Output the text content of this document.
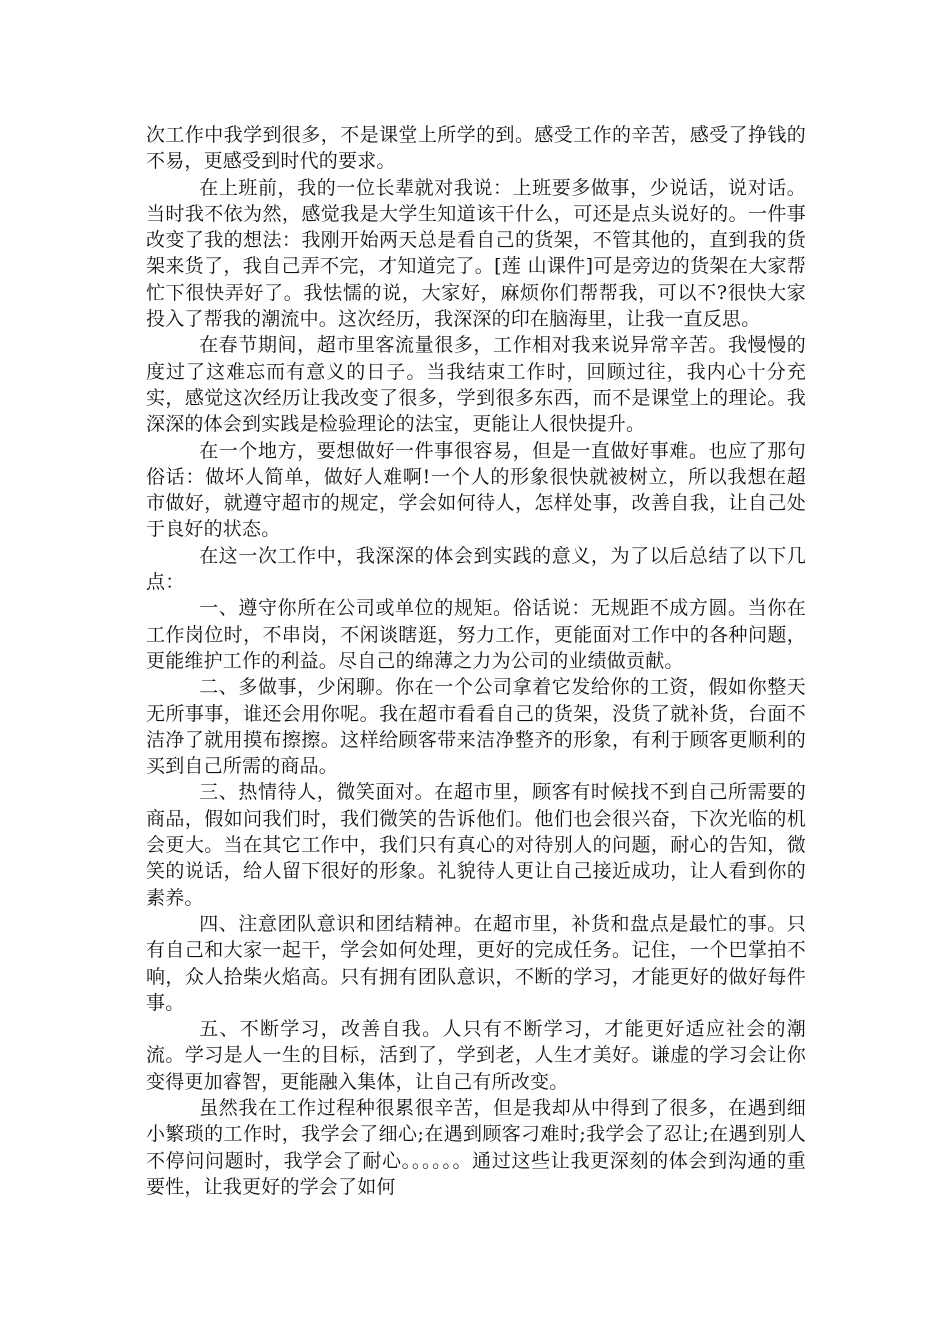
次工作中我学到很多，不是课堂上所学的到。感受工作的辛苦，感受了挣钱的不易，更感受到时代的要求。

在上班前，我的一位长辈就对我说：上班要多做事，少说话，说对话。当时我不依为然，感觉我是大学生知道该干什么，可还是点头说好的。一件事改变了我的想法：我刚开始两天总是看自己的货架，不管其他的，直到我的货架来货了，我自己弄不完，才知道完了。[莲 山课件]可是旁边的货架在大家帮忙下很快弄好了。我怯懦的说，大家好，麻烦你们帮帮我，可以不?很快大家投入了帮我的潮流中。这次经历，我深深的印在脑海里，让我一直反思。

在春节期间，超市里客流量很多，工作相对我来说异常辛苦。我慢慢的度过了这难忘而有意义的日子。当我结束工作时，回顾过往，我内心十分充实，感觉这次经历让我改变了很多，学到很多东西，而不是课堂上的理论。我深深的体会到实践是检验理论的法宝，更能让人很快提升。

在一个地方，要想做好一件事很容易，但是一直做好事难。也应了那句俗话：做坏人简单，做好人难啊!一个人的形象很快就被树立，所以我想在超市做好，就遵守超市的规定，学会如何待人，怎样处事，改善自我，让自己处于良好的状态。

在这一次工作中，我深深的体会到实践的意义，为了以后总结了以下几点：

一、遵守你所在公司或单位的规矩。俗话说：无规距不成方圆。当你在工作岗位时，不串岗，不闲谈瞎逛，努力工作，更能面对工作中的各种问题，更能维护工作的利益。尽自己的绵薄之力为公司的业绩做贡献。

二、多做事，少闲聊。你在一个公司拿着它发给你的工资，假如你整天无所事事，谁还会用你呢。我在超市看看自己的货架，没货了就补货，台面不洁净了就用摸布擦擦。这样给顾客带来洁净整齐的形象，有利于顾客更顺利的买到自己所需的商品。

三、热情待人，微笑面对。在超市里，顾客有时候找不到自己所需要的商品，假如问我们时，我们微笑的告诉他们。他们也会很兴奋，下次光临的机会更大。当在其它工作中，我们只有真心的对待别人的问题，耐心的告知，微笑的说话，给人留下很好的形象。礼貌待人更让自己接近成功，让人看到你的素养。

四、注意团队意识和团结精神。在超市里，补货和盘点是最忙的事。只有自己和大家一起干，学会如何处理，更好的完成任务。记住，一个巴掌拍不响，众人拾柴火焰高。只有拥有团队意识，不断的学习，才能更好的做好每件事。

五、不断学习，改善自我。人只有不断学习，才能更好适应社会的潮流。学习是人一生的目标，活到了，学到老，人生才美好。谦虚的学习会让你变得更加睿智，更能融入集体，让自己有所改变。

虽然我在工作过程种很累很辛苦，但是我却从中得到了很多，在遇到细小繁琐的工作时，我学会了细心;在遇到顾客刁难时;我学会了忍让;在遇到别人不停问问题时，我学会了耐心。。。。。。通过这些让我更深刻的体会到沟通的重要性，让我更好的学会了如何
